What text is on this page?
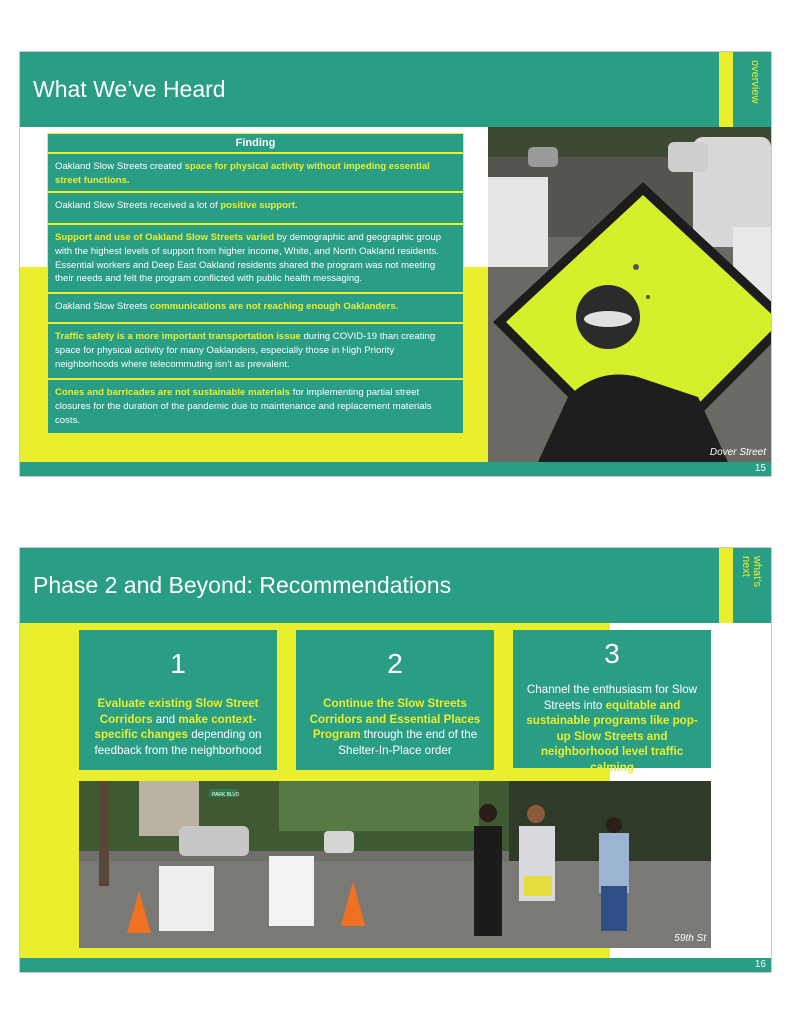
What We’ve Heard	overview
Finding
Oakland Slow Streets created space for physical activity without impeding essential street functions.
Oakland Slow Streets received a lot of positive support.
Support and use of Oakland Slow Streets varied by demographic and geographic group with the highest levels of support from higher income, White, and North Oakland residents. Essential workers and Deep East Oakland residents shared the program was not meeting their needs and felt the program conflicted with public health messaging.
Oakland Slow Streets communications are not reaching enough Oaklanders.
Traffic safety is a more important transportation issue during COVID-19 than creating space for physical activity for many Oaklanders, especially those in High Priority neighborhoods where telecommuting isn’t as prevalent.
Cones and barricades are not sustainable materials for implementing partial street closures for the duration of the pandemic due to maintenance and replacement materials costs.
Dover Street
15
Phase 2 and Beyond: Recommendations	what’s
next
1
Evaluate existing Slow Street Corridors and make context-specific changes depending on feedback from the neighborhood
2
Continue the Slow Streets Corridors and Essential Places Program through the end of the Shelter-In-Place order
3
Channel the enthusiasm for Slow Streets into equitable and sustainable programs like pop-up Slow Streets and neighborhood level traffic calming
PARK BLVD
59th St
16
